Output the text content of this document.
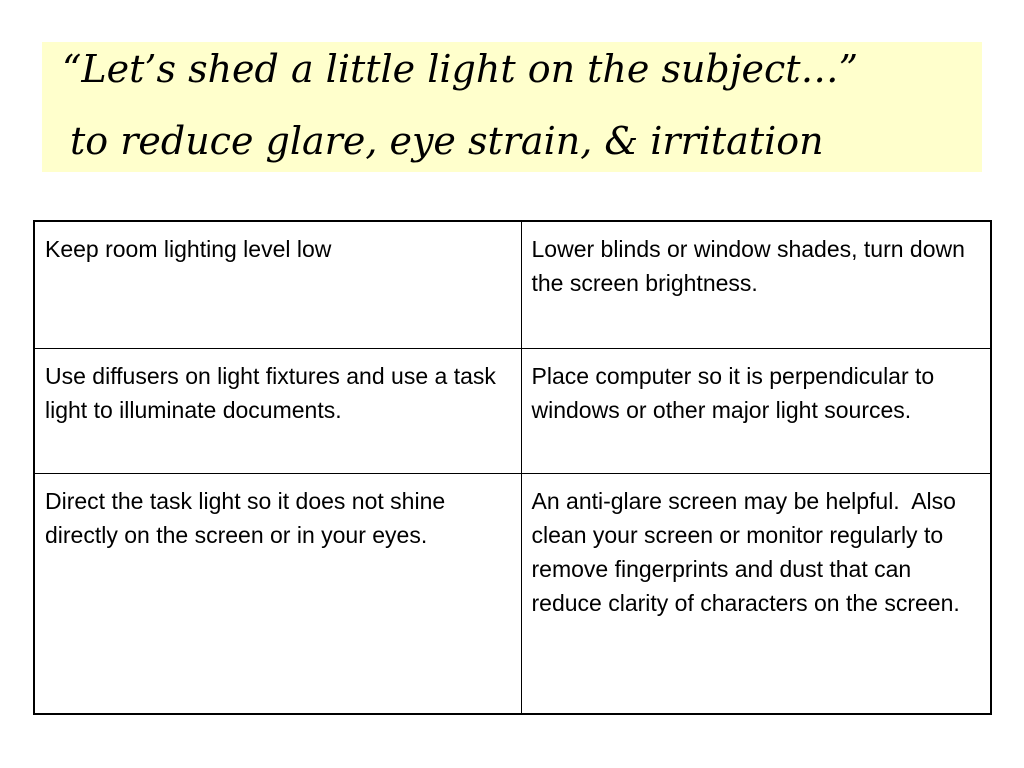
“Let’s shed a little light on the subject…”
to reduce glare, eye strain, & irritation
Keep room lighting level low	Lower blinds or window shades, turn down the screen brightness.
Use diffusers on light fixtures and use a task light to illuminate documents.	Place computer so it is perpendicular to windows or other major light sources.
Direct the task light so it does not shine directly on the screen or in your eyes.	An anti-glare screen may be helpful.  Also clean your screen or monitor regularly to remove fingerprints and dust that can reduce clarity of characters on the screen.
